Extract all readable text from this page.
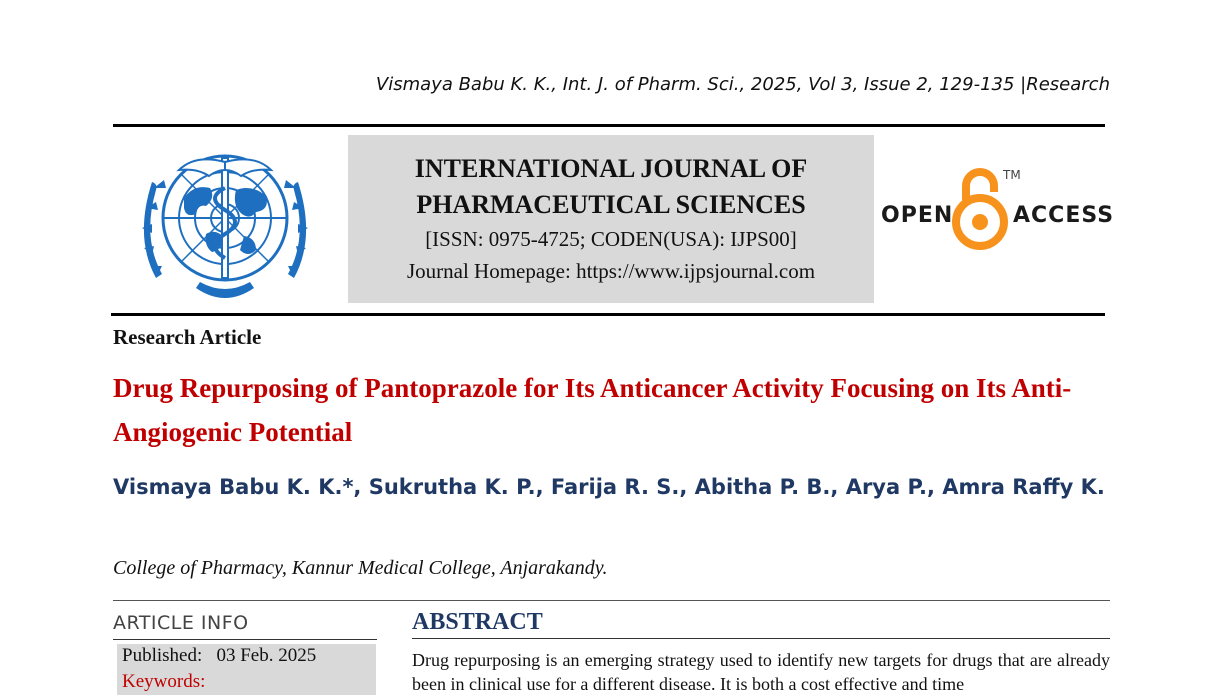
Vismaya Babu K. K., Int. J. of Pharm. Sci., 2025, Vol 3, Issue 2, 129-135 |Research
INTERNATIONAL JOURNAL OF
PHARMACEUTICAL SCIENCES
[ISSN: 0975-4725; CODEN(USA): IJPS00]
Journal Homepage: https://www.ijpsjournal.com
OPEN
TM
ACCESS
Research Article
Drug Repurposing of Pantoprazole for Its Anticancer Activity Focusing on Its Anti-Angiogenic Potential
Vismaya Babu K. K.*, Sukrutha K. P., Farija R. S., Abitha P. B., Arya P., Amra Raffy K.
College of Pharmacy, Kannur Medical College, Anjarakandy.
ARTICLE INFO
Published:   03 Feb. 2025
Keywords:
ABSTRACT
Drug repurposing is an emerging strategy used to identify new targets for drugs that are already been in clinical use for a different disease. It is both a cost effective and time
